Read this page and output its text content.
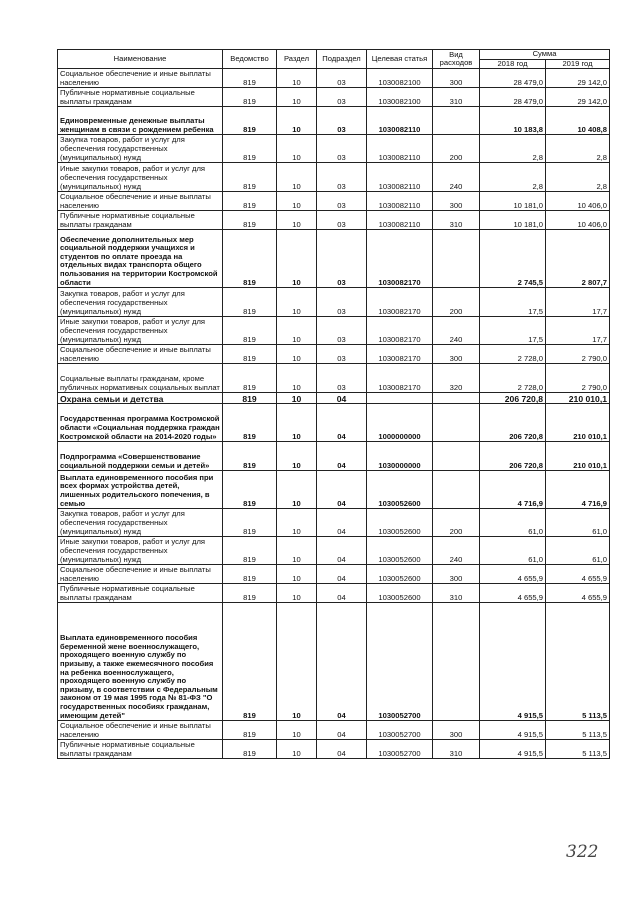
Наименование	Ведомство	Раздел	Подраздел	Целевая статья	Вид расходов	Сумма	
						2018 год	2019 год
Социальное обеспечение и иные выплаты населению	819	10	03	1030082100	300	28 479,0	29 142,0
Публичные нормативные социальные выплаты гражданам	819	10	03	1030082100	310	28 479,0	29 142,0
Единовременные денежные выплаты женщинам в связи с рождением ребенка	819	10	03	1030082110		10 183,8	10 408,8
Закупка товаров, работ и услуг для обеспечения государственных (муниципальных) нужд	819	10	03	1030082110	200	2,8	2,8
Иные закупки товаров, работ и услуг для обеспечения государственных (муниципальных) нужд	819	10	03	1030082110	240	2,8	2,8
Социальное обеспечение и иные выплаты населению	819	10	03	1030082110	300	10 181,0	10 406,0
Публичные нормативные социальные выплаты гражданам	819	10	03	1030082110	310	10 181,0	10 406,0
Обеспечение дополнительных мер социальной поддержки учащихся и студентов по оплате проезда на отдельных видах транспорта общего пользования на территории Костромской области	819	10	03	1030082170		2 745,5	2 807,7
Закупка товаров, работ и услуг для обеспечения государственных (муниципальных) нужд	819	10	03	1030082170	200	17,5	17,7
Иные закупки товаров, работ и услуг для обеспечения государственных (муниципальных) нужд	819	10	03	1030082170	240	17,5	17,7
Социальное обеспечение и иные выплаты населению	819	10	03	1030082170	300	2 728,0	2 790,0
Социальные выплаты гражданам, кроме публичных нормативных социальных выплат	819	10	03	1030082170	320	2 728,0	2 790,0
Охрана семьи и детства	819	10	04			206 720,8	210 010,1
Государственная программа Костромской области «Социальная поддержка граждан Костромской области на 2014-2020 годы»	819	10	04	1000000000		206 720,8	210 010,1
Подпрограмма «Совершенствование социальной поддержки семьи и детей»	819	10	04	1030000000		206 720,8	210 010,1
Выплата единовременного пособия при всех формах устройства детей, лишенных родительского попечения, в семью	819	10	04	1030052600		4 716,9	4 716,9
Закупка товаров, работ и услуг для обеспечения государственных (муниципальных) нужд	819	10	04	1030052600	200	61,0	61,0
Иные закупки товаров, работ и услуг для обеспечения государственных (муниципальных) нужд	819	10	04	1030052600	240	61,0	61,0
Социальное обеспечение и иные выплаты населению	819	10	04	1030052600	300	4 655,9	4 655,9
Публичные нормативные социальные выплаты гражданам	819	10	04	1030052600	310	4 655,9	4 655,9
Выплата единовременного пособия беременной жене военнослужащего, проходящего военную службу по призыву, а также ежемесячного пособия на ребенка военнослужащего, проходящего военную службу по призыву, в соответствии с Федеральным законом от 19 мая 1995 года № 81-ФЗ "О государственных пособиях гражданам, имеющим детей"	819	10	04	1030052700		4 915,5	5 113,5
Социальное обеспечение и иные выплаты населению	819	10	04	1030052700	300	4 915,5	5 113,5
Публичные нормативные социальные выплаты гражданам	819	10	04	1030052700	310	4 915,5	5 113,5
322
